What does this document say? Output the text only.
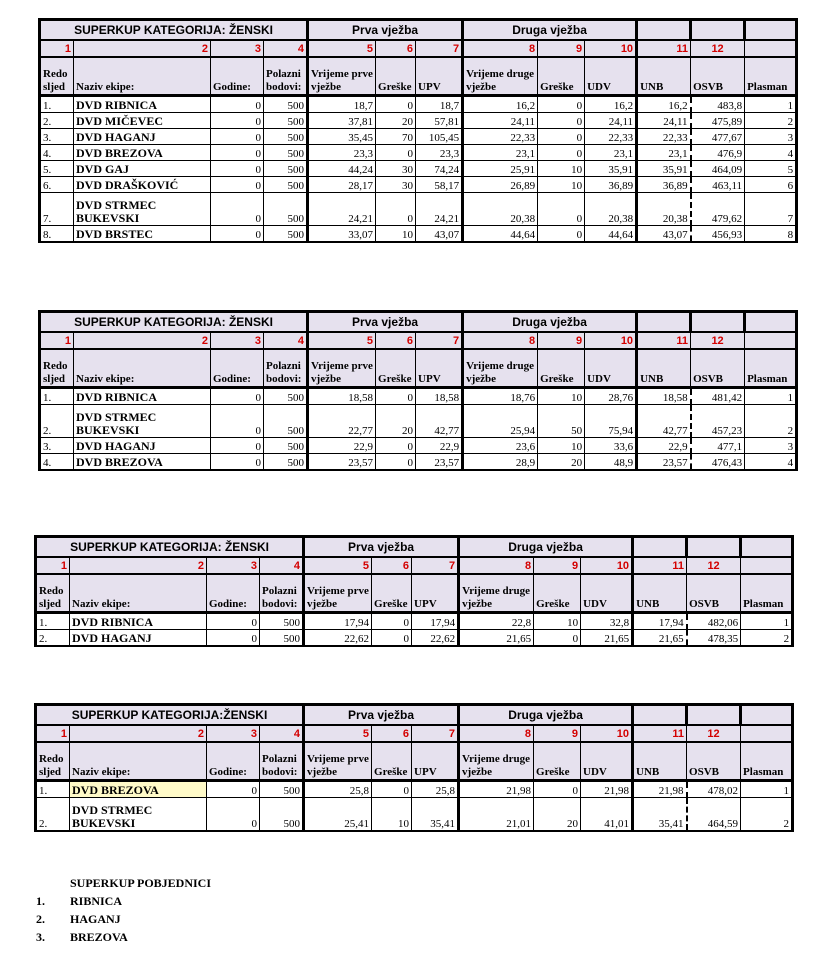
SUPERKUP KATEGORIJA: ŽENSKI				Prva vježba			Druga vježba					
1	2	3	4	5	6	7	8	9	10	11	12	
Redo sljed	Naziv ekipe:	Godine:	Polazni bodovi:	Vrijeme prve vježbe	Greške	UPV	Vrijeme druge vježbe	Greške	UDV	UNB	OSVB	Plasman
1.	DVD RIBNICA	0	500	18,7	0	18,7	16,2	0	16,2	16,2	483,8	1
2.	DVD MIČEVEC	0	500	37,81	20	57,81	24,11	0	24,11	24,11	475,89	2
3.	DVD HAGANJ	0	500	35,45	70	105,45	22,33	0	22,33	22,33	477,67	3
4.	DVD BREZOVA	0	500	23,3	0	23,3	23,1	0	23,1	23,1	476,9	4
5.	DVD GAJ	0	500	44,24	30	74,24	25,91	10	35,91	35,91	464,09	5
6.	DVD DRAŠKOVIĆ	0	500	28,17	30	58,17	26,89	10	36,89	36,89	463,11	6
7.	DVD STRMEC BUKEVSKI	0	500	24,21	0	24,21	20,38	0	20,38	20,38	479,62	7
8.	DVD BRSTEC	0	500	33,07	10	43,07	44,64	0	44,64	43,07	456,93	8
SUPERKUP KATEGORIJA: ŽENSKI				Prva vježba			Druga vježba					
1	2	3	4	5	6	7	8	9	10	11	12	
Redo sljed	Naziv ekipe:	Godine:	Polazni bodovi:	Vrijeme prve vježbe	Greške	UPV	Vrijeme druge vježbe	Greške	UDV	UNB	OSVB	Plasman
1.	DVD RIBNICA	0	500	18,58	0	18,58	18,76	10	28,76	18,58	481,42	1
2.	DVD STRMEC BUKEVSKI	0	500	22,77	20	42,77	25,94	50	75,94	42,77	457,23	2
3.	DVD HAGANJ	0	500	22,9	0	22,9	23,6	10	33,6	22,9	477,1	3
4.	DVD BREZOVA	0	500	23,57	0	23,57	28,9	20	48,9	23,57	476,43	4
SUPERKUP KATEGORIJA: ŽENSKI				Prva vježba			Druga vježba					
1	2	3	4	5	6	7	8	9	10	11	12	
Redo sljed	Naziv ekipe:	Godine:	Polazni bodovi:	Vrijeme prve vježbe	Greške	UPV	Vrijeme druge vježbe	Greške	UDV	UNB	OSVB	Plasman
1.	DVD RIBNICA	0	500	17,94	0	17,94	22,8	10	32,8	17,94	482,06	1
2.	DVD HAGANJ	0	500	22,62	0	22,62	21,65	0	21,65	21,65	478,35	2
SUPERKUP KATEGORIJA:ŽENSKI				Prva vježba			Druga vježba					
1	2	3	4	5	6	7	8	9	10	11	12	
Redo sljed	Naziv ekipe:	Godine:	Polazni bodovi:	Vrijeme prve vježbe	Greške	UPV	Vrijeme druge vježbe	Greške	UDV	UNB	OSVB	Plasman
1.	DVD BREZOVA	0	500	25,8	0	25,8	21,98	0	21,98	21,98	478,02	1
2.	DVD STRMEC BUKEVSKI	0	500	25,41	10	35,41	21,01	20	41,01	35,41	464,59	2
SUPERKUP POBJEDNICI
1.	RIBNICA
2.	HAGANJ
3.	BREZOVA
